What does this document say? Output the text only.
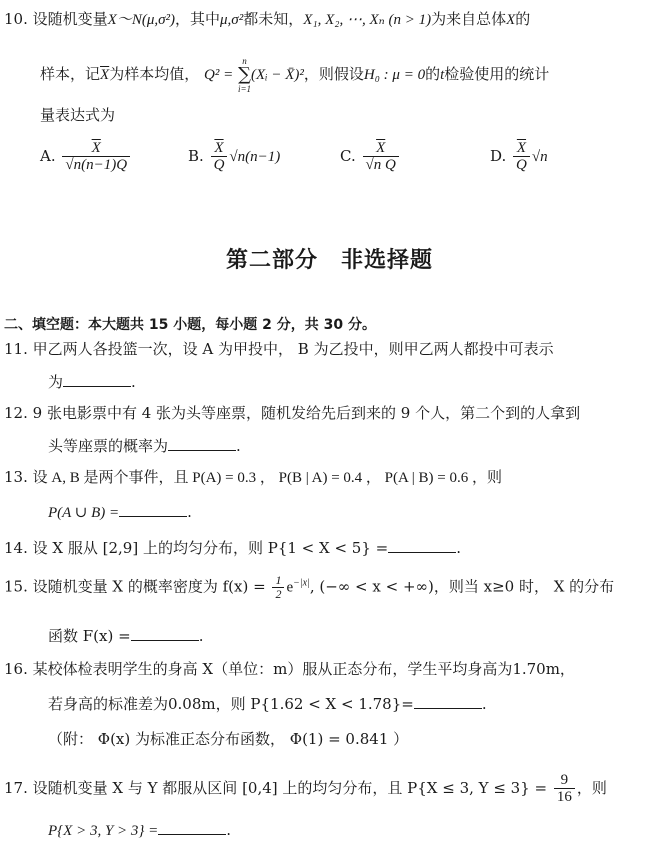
10. 设随机变量X～N(μ,σ²)，其中μ,σ²都未知，X₁, X₂, ⋯, Xₙ (n > 1)为来自总体X的
样本，记$\overline{X}$为样本均值， Q² =
n
∑
i=1
(Xᵢ − X̄)²，则假设H₀ : μ = 0的t检验使用的统计
量表达式为
A. $\frac{\overline{X}}{√n(n-1)Q}$	B. $\frac{\overline{X}}{Q} √n(n-1)$	C. $\frac{\overline{X}}{\text{√n Q}}$	D. $\frac{\overline{X}}{Q} √n$
第二部分　非选择题
二、填空题：本大题共 15 小题，每小题 2 分，共 30 分。
11. 甲乙两人各投篮一次，设 A 为甲投中， B 为乙投中，则甲乙两人都投中可表示
为	.
12. 9 张电影票中有 4 张为头等座票，随机发给先后到来的 9 个人，第二个到的人拿到
头等座票的概率为	.
13. 设 A, B 是两个事件，且 P(A) = 0.3 ， P(B | A) = 0.4 ， P(A | B) = 0.6 ，则
P(A ∪ B) =	.
14. 设 X 服从 [2,9] 上的均匀分布，则 P{1 < X < 5} =	.
15. 设随机变量 X 的概率密度为 $f(x) = \frac{1}{2} e^{-|x|}$, (−∞ < x < +∞)，则当 x≥0 时， X 的分布
函数 F(x) =	.
16. 某校体检表明学生的身高 X（单位：m）服从正态分布，学生平均身高为1.70m，
若身高的标准差为0.08m，则 P{1.62 < X < 1.78}=	.
（附： Φ(x) 为标准正态分布函数， Φ(1) = 0.841 ）
17. 设随机变量 X 与 Y 都服从区间 [0,4] 上的均匀分布，且 P{X ≤ 3, $Y \le 3\} = \frac{9}{16}$ ，则
P{X > 3, Y > 3} =	.
